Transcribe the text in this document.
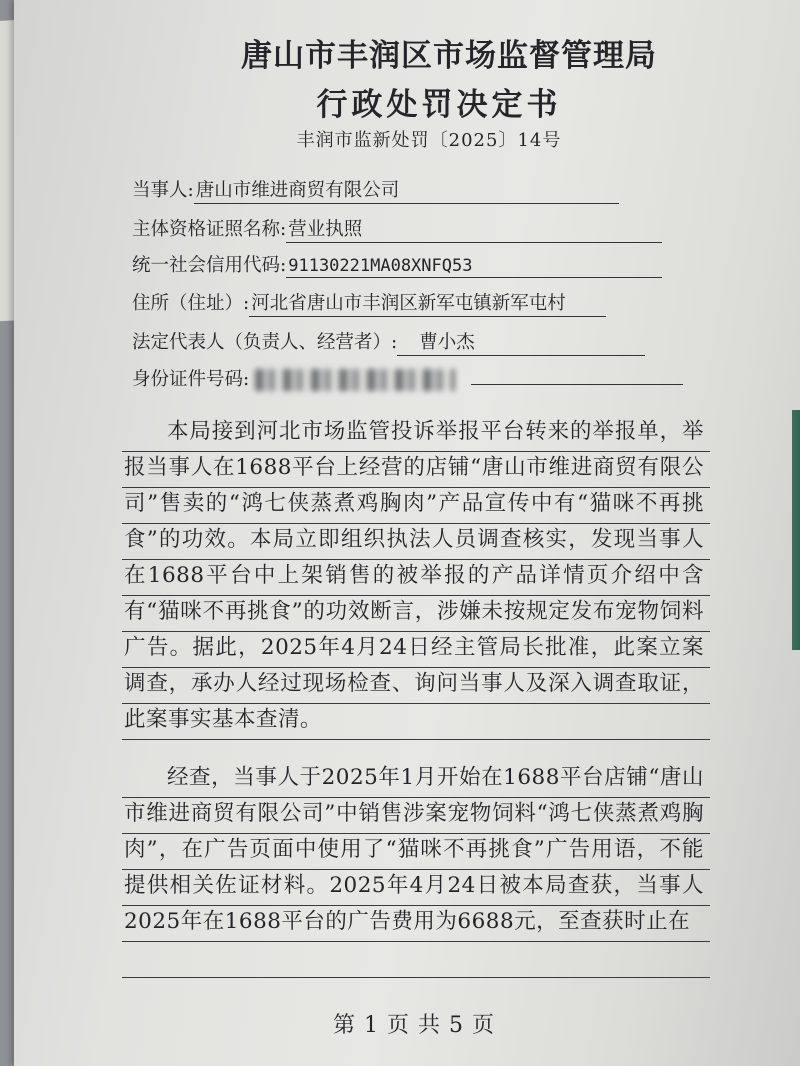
唐山市丰润区市场监督管理局
行政处罚决定书
丰润市监新处罚〔2025〕14号
当事人: 唐山市维进商贸有限公司
主体资格证照名称: 营业执照
统一社会信用代码: 91130221MA08XNFQ53
住所（住址）: 河北省唐山市丰润区新军屯镇新军屯村
法定代表人（负责人、经营者）: 曹小杰
身份证件号码:

本局接到河北市场监管投诉举报平台转来的举报单，举报当事人在1688平台上经营的店铺“唐山市维进商贸有限公司”售卖的“鸿七侠蒸煮鸡胸肉”产品宣传中有“猫咪不再挑食”的功效。本局立即组织执法人员调查核实，发现当事人在1688平台中上架销售的被举报的产品详情页介绍中含有“猫咪不再挑食”的功效断言，涉嫌未按规定发布宠物饲料广告。据此，2025年4月24日经主管局长批准，此案立案调查，承办人经过现场检查、询问当事人及深入调查取证，此案事实基本查清。

经查，当事人于2025年1月开始在1688平台店铺“唐山市维进商贸有限公司”中销售涉案宠物饲料“鸿七侠蒸煮鸡胸肉”，在广告页面中使用了“猫咪不再挑食”广告用语，不能提供相关佐证材料。2025年4月24日被本局查获，当事人2025年在1688平台的广告费用为6688元，至查获时止在

第 1 页 共 5 页
